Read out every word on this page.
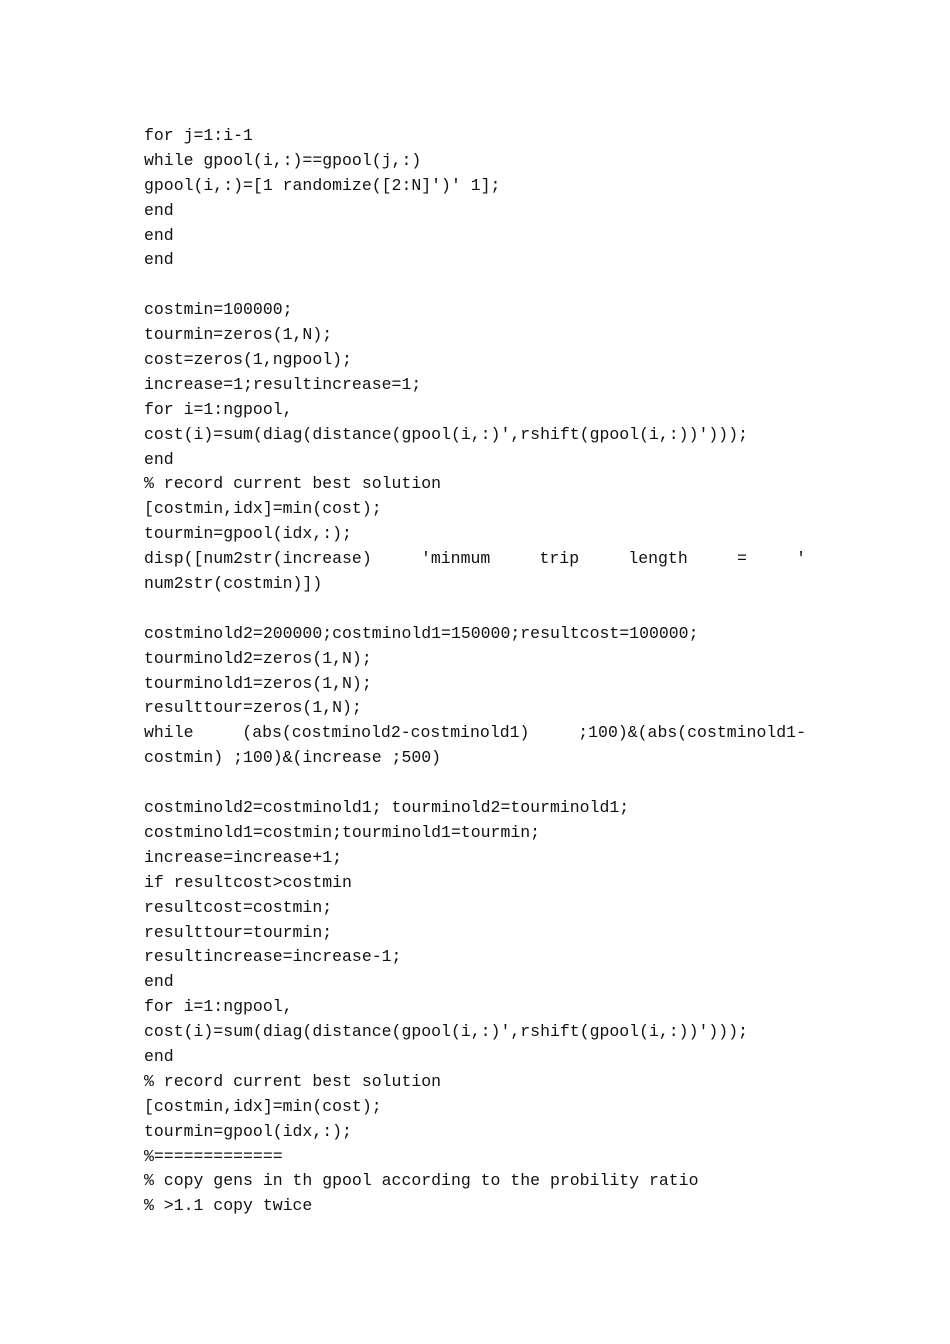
for j=1:i-1
while gpool(i,:)==gpool(j,:)
gpool(i,:)=[1 randomize([2:N]')' 1];
end
end
end
costmin=100000;
tourmin=zeros(1,N);
cost=zeros(1,ngpool);
increase=1;resultincrease=1;
for i=1:ngpool,
cost(i)=sum(diag(distance(gpool(i,:)',rshift(gpool(i,:))')));
end
% record current best solution
[costmin,idx]=min(cost);
tourmin=gpool(idx,:);
disp([num2str(increase)	'minmum	trip	length	=	'
num2str(costmin)])
costminold2=200000;costminold1=150000;resultcost=100000;
tourminold2=zeros(1,N);
tourminold1=zeros(1,N);
resulttour=zeros(1,N);
while	(abs(costminold2-costminold1)	;100)&(abs(costminold1-
costmin) ;100)&(increase ;500)
costminold2=costminold1; tourminold2=tourminold1;
costminold1=costmin;tourminold1=tourmin;
increase=increase+1;
if resultcost>costmin
resultcost=costmin;
resulttour=tourmin;
resultincrease=increase-1;
end
for i=1:ngpool,
cost(i)=sum(diag(distance(gpool(i,:)',rshift(gpool(i,:))')));
end
% record current best solution
[costmin,idx]=min(cost);
tourmin=gpool(idx,:);
%=============
% copy gens in th gpool according to the probility ratio
% >1.1 copy twice
